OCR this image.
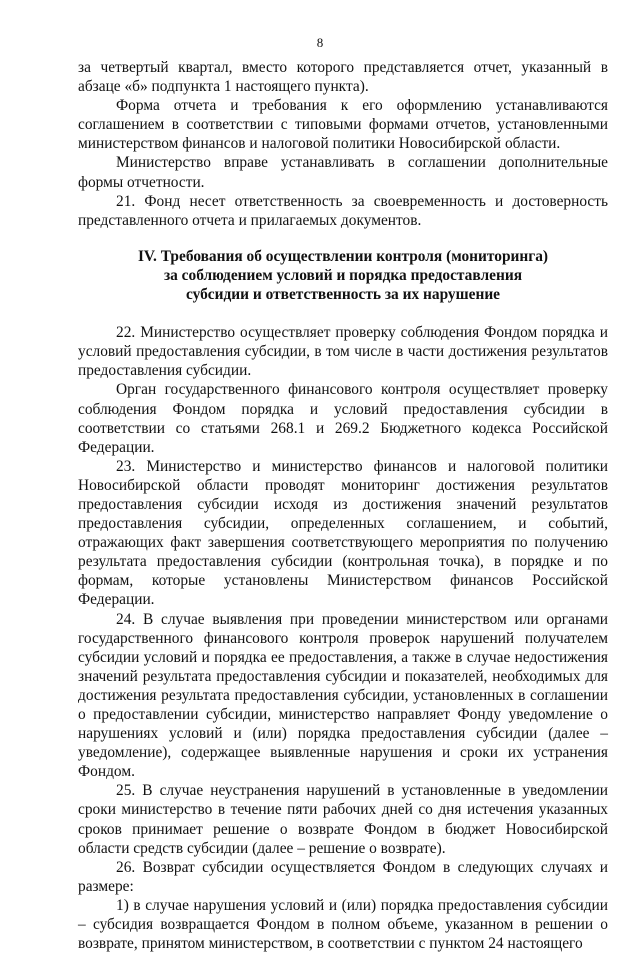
8

за четвертый квартал, вместо которого представляется отчет, указанный в абзаце «б» подпункта 1 настоящего пункта).

Форма отчета и требования к его оформлению устанавливаются соглашением в соответствии с типовыми формами отчетов, установленными министерством финансов и налоговой политики Новосибирской области.

Министерство вправе устанавливать в соглашении дополнительные формы отчетности.

21. Фонд несет ответственность за своевременность и достоверность представленного отчета и прилагаемых документов.

IV. Требования об осуществлении контроля (мониторинга)
за соблюдением условий и порядка предоставления
субсидии и ответственность за их нарушение

22. Министерство осуществляет проверку соблюдения Фондом порядка и условий предоставления субсидии, в том числе в части достижения результатов предоставления субсидии.

Орган государственного финансового контроля осуществляет проверку соблюдения Фондом порядка и условий предоставления субсидии в соответствии со статьями 268.1 и 269.2 Бюджетного кодекса Российской Федерации.

23. Министерство и министерство финансов и налоговой политики Новосибирской области проводят мониторинг достижения результатов предоставления субсидии исходя из достижения значений результатов предоставления субсидии, определенных соглашением, и событий, отражающих факт завершения соответствующего мероприятия по получению результата предоставления субсидии (контрольная точка), в порядке и по формам, которые установлены Министерством финансов Российской Федерации.

24. В случае выявления при проведении министерством или органами государственного финансового контроля проверок нарушений получателем субсидии условий и порядка ее предоставления, а также в случае недостижения значений результата предоставления субсидии и показателей, необходимых для достижения результата предоставления субсидии, установленных в соглашении о предоставлении субсидии, министерство направляет Фонду уведомление о нарушениях условий и (или) порядка предоставления субсидии (далее – уведомление), содержащее выявленные нарушения и сроки их устранения Фондом.

25. В случае неустранения нарушений в установленные в уведомлении сроки министерство в течение пяти рабочих дней со дня истечения указанных сроков принимает решение о возврате Фондом в бюджет Новосибирской области средств субсидии (далее – решение о возврате).

26. Возврат субсидии осуществляется Фондом в следующих случаях и размере:

1) в случае нарушения условий и (или) порядка предоставления субсидии – субсидия возвращается Фондом в полном объеме, указанном в решении о возврате, принятом министерством, в соответствии с пунктом 24 настоящего
